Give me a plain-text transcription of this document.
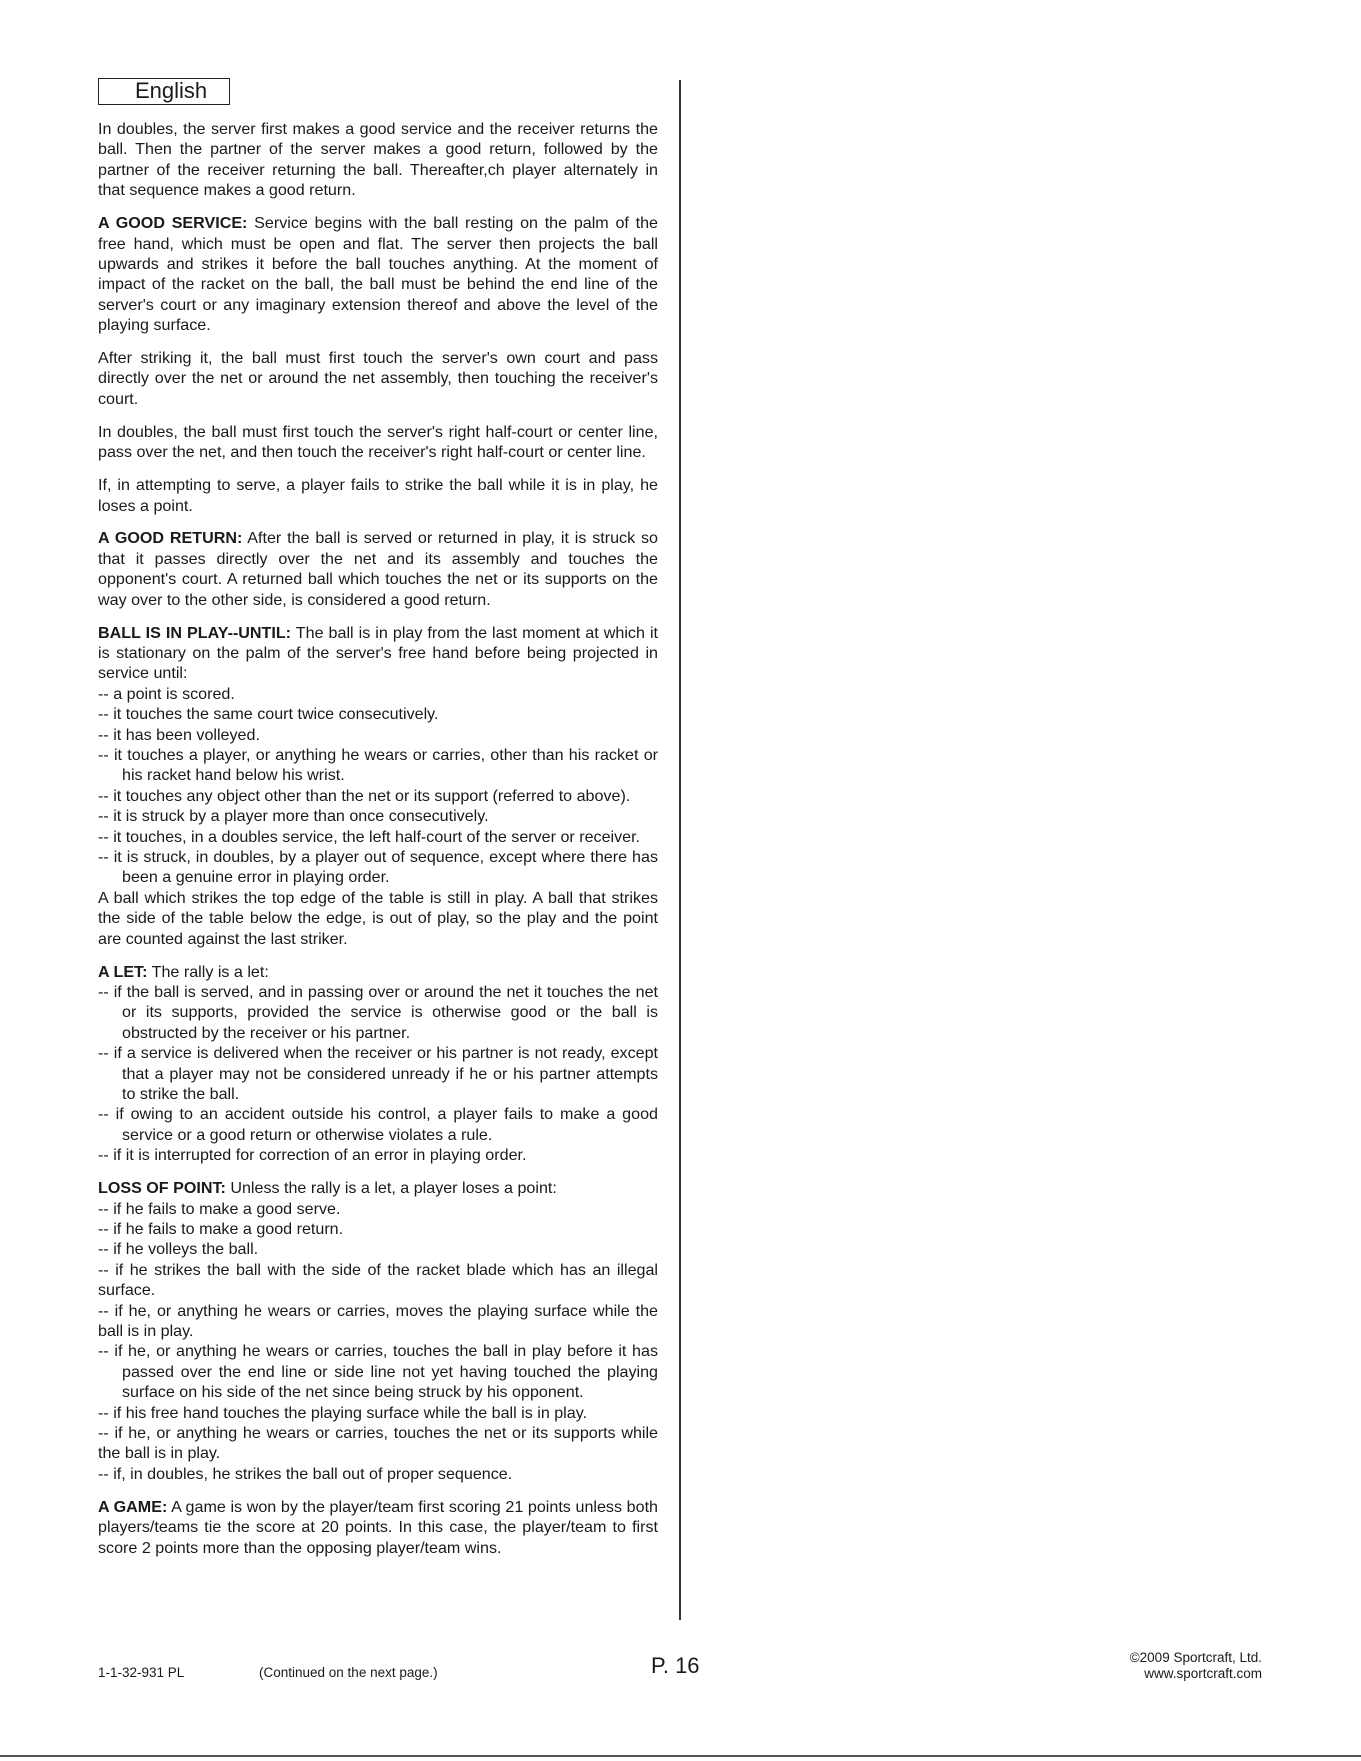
English

In doubles, the server first makes a good service and the receiver returns the ball. Then the partner of the server makes a good return, followed by the partner of the receiver returning the ball. Thereafter,ch player alternately in that sequence makes a good return.

A GOOD SERVICE: Service begins with the ball resting on the palm of the free hand, which must be open and flat. The server then projects the ball upwards and strikes it before the ball touches anything. At the moment of impact of the racket on the ball, the ball must be behind the end line of the server's court or any imaginary extension thereof and above the level of the playing surface.

After striking it, the ball must first touch the server's own court and pass directly over the net or around the net assembly, then touching the receiver's court.

In doubles, the ball must first touch the server's right half-court or center line, pass over the net, and then touch the receiver's right half-court or center line.

If, in attempting to serve, a player fails to strike the ball while it is in play, he loses a point.

A GOOD RETURN: After the ball is served or returned in play, it is struck so that it passes directly over the net and its assembly and touches the opponent's court. A returned ball which touches the net or its supports on the way over to the other side, is considered a good return.

BALL IS IN PLAY--UNTIL: The ball is in play from the last moment at which it is stationary on the palm of the server's free hand before being projected in service until:

-- a point is scored.

-- it touches the same court twice consecutively.

-- it has been volleyed.

-- it touches a player, or anything he wears or carries, other than his racket or his racket hand below his wrist.

-- it touches any object other than the net or its support (referred to above).

-- it is struck by a player more than once consecutively.

-- it touches, in a doubles service, the left half-court of the server or receiver.

-- it is struck, in doubles, by a player out of sequence, except where there has been a genuine error in playing order.

A ball which strikes the top edge of the table is still in play. A ball that strikes the side of the table below the edge, is out of play, so the play and the point are counted against the last striker.

A LET: The rally is a let:

-- if the ball is served, and in passing over or around the net it touches the net or its supports, provided the service is otherwise good or the ball is obstructed by the receiver or his partner.

-- if a service is delivered when the receiver or his partner is not ready, except that a player may not be considered unready if he or his partner attempts to strike the ball.

-- if owing to an accident outside his control, a player fails to make a good service or a good return or otherwise violates a rule.

-- if it is interrupted for correction of an error in playing order.

LOSS OF POINT: Unless the rally is a let, a player loses a point:

-- if he fails to make a good serve.

-- if he fails to make a good return.

-- if he volleys the ball.

-- if he strikes the ball with the side of the racket blade which has an illegal surface.

-- if he, or anything he wears or carries, moves the playing surface while the ball is in play.

-- if he, or anything he wears or carries, touches the ball in play before it has passed over the end line or side line not yet having touched the playing surface on his side of the net since being struck by his opponent.

-- if his free hand touches the playing surface while the ball is in play.

-- if he, or anything he wears or carries, touches the net or its supports while the ball is in play.

-- if, in doubles, he strikes the ball out of proper sequence.

A GAME: A game is won by the player/team first scoring 21 points unless both players/teams tie the score at 20 points. In this case, the player/team to first score 2 points more than the opposing player/team wins.

1-1-32-931 PL	(Continued on the next page.)	P. 16	©2009 Sportcraft, Ltd.
www.sportcraft.com
